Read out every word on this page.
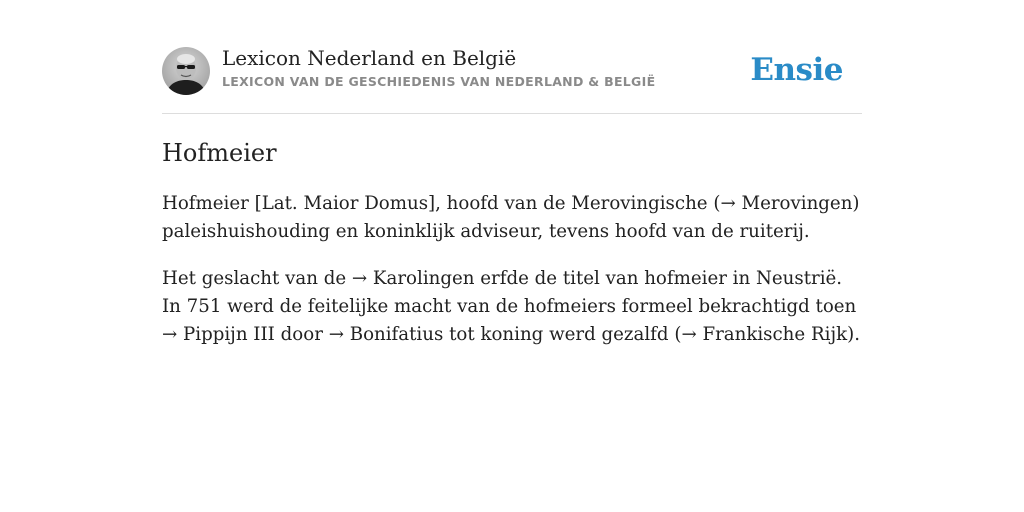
Lexicon Nederland en België
LEXICON VAN DE GESCHIEDENIS VAN NEDERLAND & BELGIË	Ensie
Hofmeier

Hofmeier [Lat. Maior Domus], hoofd van de Merovingische (→ Merovingen) paleishuishouding en koninklijk adviseur, tevens hoofd van de ruiterij.

Het geslacht van de → Karolingen erfde de titel van hofmeier in Neustrië. In 751 werd de feitelijke macht van de hofmeiers formeel bekrachtigd toen → Pippijn III door → Bonifatius tot koning werd gezalfd (→ Frankische Rijk).
